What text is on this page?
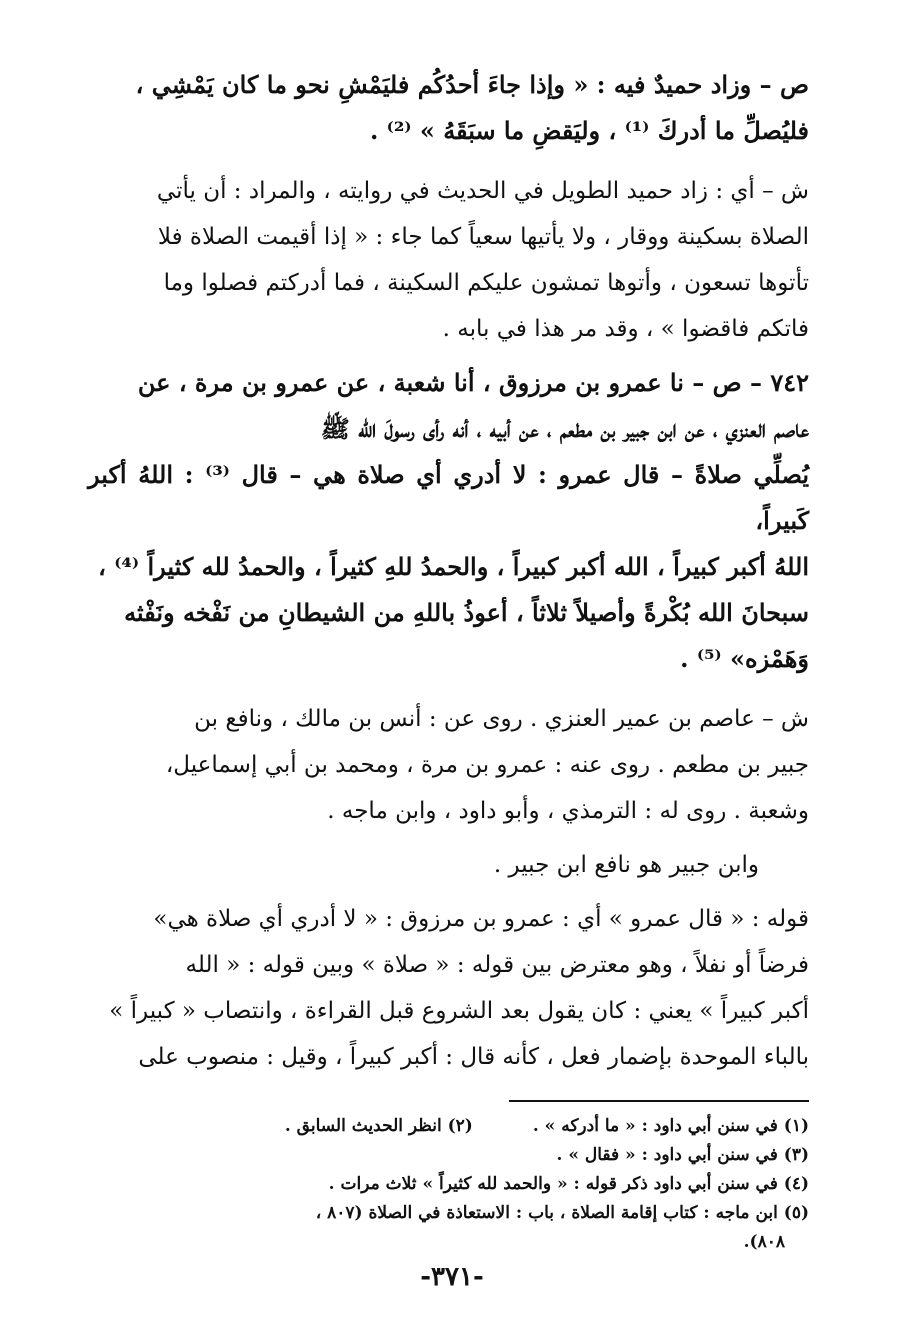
ص – وزاد حميدٌ فيه : « وإذا جاءَ أحدُكُم فليَمْشِ نحو ما كان يَمْشِي ،
فليُصلِّ ما أدركَ ⁽¹⁾ ، وليَقضِ ما سبَقَهُ » ⁽²⁾ .
ش – أي : زاد حميد الطويل في الحديث في روايته ، والمراد : أن يأتي
الصلاة بسكينة ووقار ، ولا يأتيها سعياً كما جاء : « إذا أقيمت الصلاة فلا
تأتوها تسعون ، وأتوها تمشون عليكم السكينة ، فما أدركتم فصلوا وما
فاتكم فاقضوا » ، وقد مر هذا في بابه .
٧٤٢ – ص – نا عمرو بن مرزوق ، أنا شعبة ، عن عمرو بن مرة ، عن
عاصم العنزي ، عن ابن جبير بن مطعم ، عن أبيه ، أنه رأى رسولَ الله ﷺ
يُصلِّي صلاةً – قال عمرو : لا أدري أي صلاة هي – قال ⁽³⁾ : اللهُ أكبر كَبيراً،
اللهُ أكبر كبيراً ، الله أكبر كبيراً ، والحمدُ للهِ كثيراً ، والحمدُ لله كثيراً ⁽⁴⁾ ،
سبحانَ الله بُكْرةً وأصيلاً ثلاثاً ، أعوذُ باللهِ من الشيطانِ من نَفْخه ونَفْثه
وَهَمْزه» ⁽⁵⁾ .
ش – عاصم بن عمير العنزي . روى عن : أنس بن مالك ، ونافع بن
جبير بن مطعم . روى عنه : عمرو بن مرة ، ومحمد بن أبي إسماعيل،
وشعبة . روى له : الترمذي ، وأبو داود ، وابن ماجه .
وابن جبير هو نافع ابن جبير .
قوله : « قال عمرو » أي : عمرو بن مرزوق : « لا أدري أي صلاة هي»
فرضاً أو نفلاً ، وهو معترض بين قوله : « صلاة » وبين قوله : « الله
أكبر كبيراً » يعني : كان يقول بعد الشروع قبل القراءة ، وانتصاب « كبيراً »
بالباء الموحدة بإضمار فعل ، كأنه قال : أكبر كبيراً ، وقيل : منصوب على
(١) في سنن أبي داود : « ما أدركه » .
(٢) انظر الحديث السابق .
(٣) في سنن أبي داود : « فقال » .
(٤) في سنن أبي داود ذكر قوله : « والحمد لله كثيراً » ثلاث مرات .
(٥) ابن ماجه : كتاب إقامة الصلاة ، باب : الاستعاذة في الصلاة (٨٠٧ ،
٨٠٨).
-٣٧١-
